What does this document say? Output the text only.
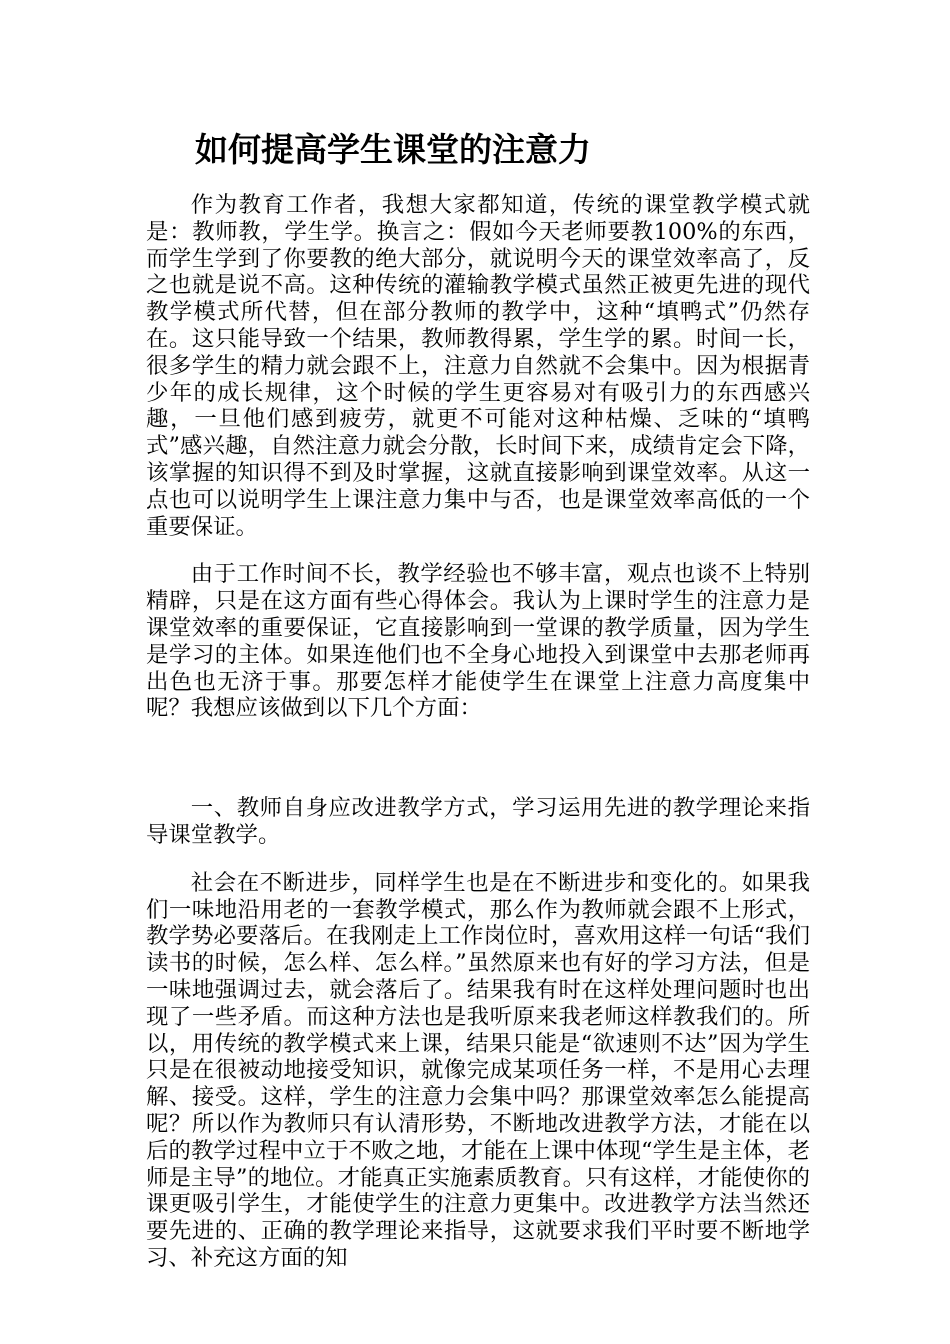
如何提高学生课堂的注意力

作为教育工作者，我想大家都知道，传统的课堂教学模式就是：教师教，学生学。换言之：假如今天老师要教100%的东西，而学生学到了你要教的绝大部分，就说明今天的课堂效率高了，反之也就是说不高。这种传统的灌输教学模式虽然正被更先进的现代教学模式所代替，但在部分教师的教学中，这种“填鸭式”仍然存在。这只能导致一个结果，教师教得累，学生学的累。时间一长，很多学生的精力就会跟不上，注意力自然就不会集中。因为根据青少年的成长规律，这个时候的学生更容易对有吸引力的东西感兴趣，一旦他们感到疲劳，就更不可能对这种枯燥、乏味的“填鸭式”感兴趣，自然注意力就会分散，长时间下来，成绩肯定会下降，该掌握的知识得不到及时掌握，这就直接影响到课堂效率。从这一点也可以说明学生上课注意力集中与否，也是课堂效率高低的一个重要保证。

由于工作时间不长，教学经验也不够丰富，观点也谈不上特别精辟，只是在这方面有些心得体会。我认为上课时学生的注意力是课堂效率的重要保证，它直接影响到一堂课的教学质量，因为学生是学习的主体。如果连他们也不全身心地投入到课堂中去那老师再出色也无济于事。那要怎样才能使学生在课堂上注意力高度集中呢？我想应该做到以下几个方面：

一、教师自身应改进教学方式，学习运用先进的教学理论来指导课堂教学。

社会在不断进步，同样学生也是在不断进步和变化的。如果我们一味地沿用老的一套教学模式，那么作为教师就会跟不上形式，教学势必要落后。在我刚走上工作岗位时，喜欢用这样一句话“我们读书的时候，怎么样、怎么样。”虽然原来也有好的学习方法，但是一味地强调过去，就会落后了。结果我有时在这样处理问题时也出现了一些矛盾。而这种方法也是我听原来我老师这样教我们的。所以，用传统的教学模式来上课，结果只能是“欲速则不达”因为学生只是在很被动地接受知识，就像完成某项任务一样，不是用心去理解、接受。这样，学生的注意力会集中吗？那课堂效率怎么能提高呢？所以作为教师只有认清形势，不断地改进教学方法，才能在以后的教学过程中立于不败之地，才能在上课中体现“学生是主体，老师是主导”的地位。才能真正实施素质教育。只有这样，才能使你的课更吸引学生，才能使学生的注意力更集中。改进教学方法当然还要先进的、正确的教学理论来指导，这就要求我们平时要不断地学习、补充这方面的知
